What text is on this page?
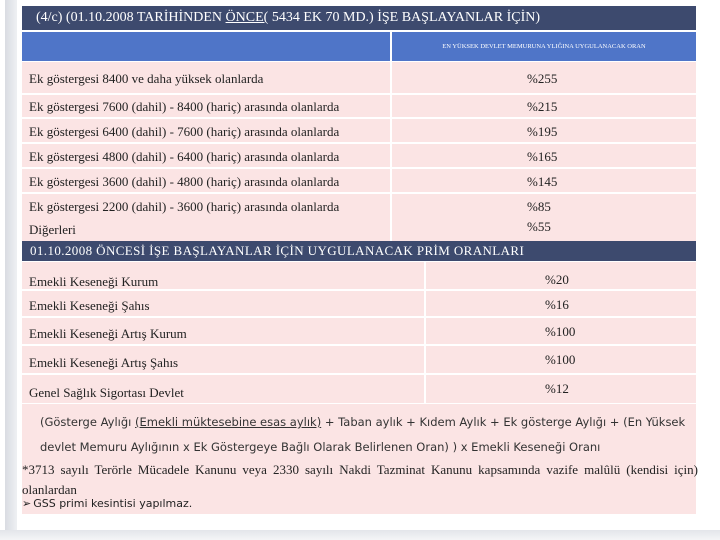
(4/c) (01.10.2008 TARİHİNDEN ÖNCE( 5434 EK 70 MD.) İŞE BAŞLAYANLAR İÇİN)
EN YÜKSEK DEVLET MEMURUNA YLIĞINA UYGULANACAK ORAN
Ek göstergesi 8400 ve daha yüksek olanlarda	%255
Ek göstergesi 7600 (dahil) - 8400 (hariç) arasında olanlarda	%215
Ek göstergesi 6400 (dahil) - 7600 (hariç) arasında olanlarda	%195
Ek göstergesi 4800 (dahil) - 6400 (hariç) arasında olanlarda	%165
Ek göstergesi 3600 (dahil) - 4800 (hariç) arasında olanlarda	%145
Ek göstergesi 2200 (dahil) - 3600 (hariç) arasında olanlarda	%85
Diğerleri	%55
01.10.2008 ÖNCESİ İŞE BAŞLAYANLAR İÇİN UYGULANACAK PRİM ORANLARI
Emekli Keseneği Kurum	%20
Emekli Keseneği Şahıs	%16
Emekli Keseneği Artış Kurum	%100
Emekli Keseneği Artış Şahıs	%100
Genel Sağlık Sigortası Devlet	%12
(Gösterge Aylığı (Emekli müktesebine esas aylık) + Taban aylık + Kıdem Aylık + Ek gösterge Aylığı + (En Yüksek
devlet Memuru Aylığının x Ek Göstergeye Bağlı Olarak Belirlenen Oran) ) x Emekli Keseneği Oranı
*3713 sayılı Terörle Mücadele Kanunu veya 2330 sayılı Nakdi Tazminat Kanunu kapsamında vazife malûlü (kendisi için) olanlardan
➢ GSS primi kesintisi yapılmaz.
